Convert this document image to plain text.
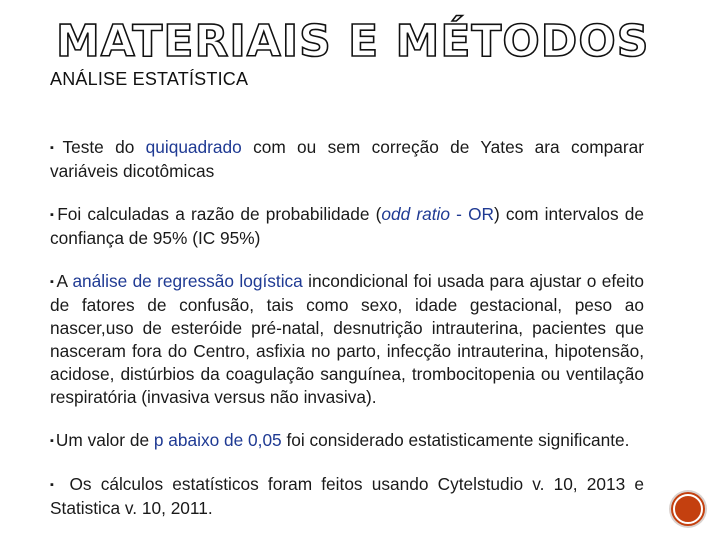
MATERIAIS E MÉTODOS
ANÁLISE ESTATÍSTICA

▪ Teste do quiquadrado com ou sem correção de Yates ara comparar variáveis dicotômicas

▪ Foi calculadas a razão de probabilidade (odd ratio - OR) com intervalos de confiança de 95% (IC 95%)

▪ A análise de regressão logística incondicional foi usada para ajustar o efeito de fatores de confusão, tais como sexo, idade gestacional, peso ao nascer,uso de esteróide pré-natal, desnutrição intrauterina, pacientes que nasceram fora do Centro, asfixia no parto, infecção intrauterina, hipotensão, acidose, distúrbios da coagulação sanguínea, trombocitopenia ou ventilação respiratória (invasiva versus não invasiva).

▪ Um valor de p abaixo de 0,05 foi considerado estatisticamente significante.

▪ Os cálculos estatísticos foram feitos usando Cytelstudio v. 10, 2013 e Statistica v. 10, 2011.
